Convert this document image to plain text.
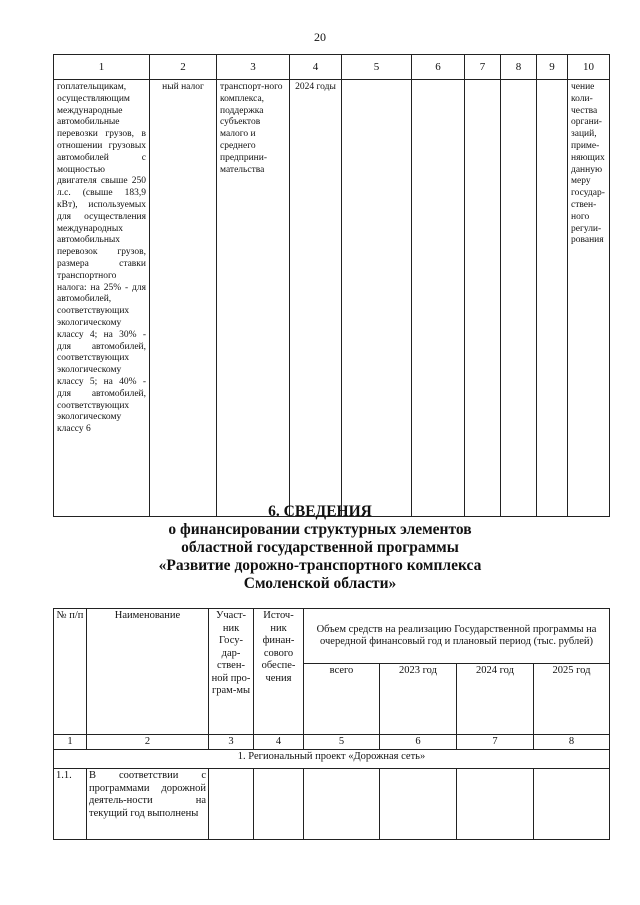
20
1	2	3	4	5	6	7	8	9	10
гоплательщикам, осуществляющим международные автомобильные перевозки грузов, в отношении грузовых автомобилей с мощностью двигателя свыше 250 л.с. (свыше 183,9 кВт), используемых для осуществления международных автомобильных перевозок грузов, размера ставки транспортного налога: на 25% - для автомобилей, соответствующих экологическому классу 4; на 30% - для автомобилей, соответствующих экологическому классу 5; на 40% - для автомобилей, соответствующих экологическому классу 6	ный налог	транспорт-ного комплекса, поддержка субъектов малого и среднего предприни-мательства	2024 годы						чение коли-чества органи-заций, приме-няющих данную меру государ-ствен-ного регули-рования
6. СВЕДЕНИЯ
о финансировании структурных элементов
областной государственной программы
«Развитие дорожно-транспортного комплекса
Смоленской области»
№ п/п	Наименование	Участ-ник Госу-дар-ствен-ной про-грам-мы	Источ-ник финан-сового обеспе-чения	Объем средств на реализацию Государственной программы на очередной финансовый год и плановый период (тыс. рублей)			
				всего	2023 год	2024 год	2025 год
1	2	3	4	5	6	7	8
1. Региональный проект «Дорожная сеть»							
1.1.	В соответствии с программами дорожной деятель-ности на текущий год выполнены						
